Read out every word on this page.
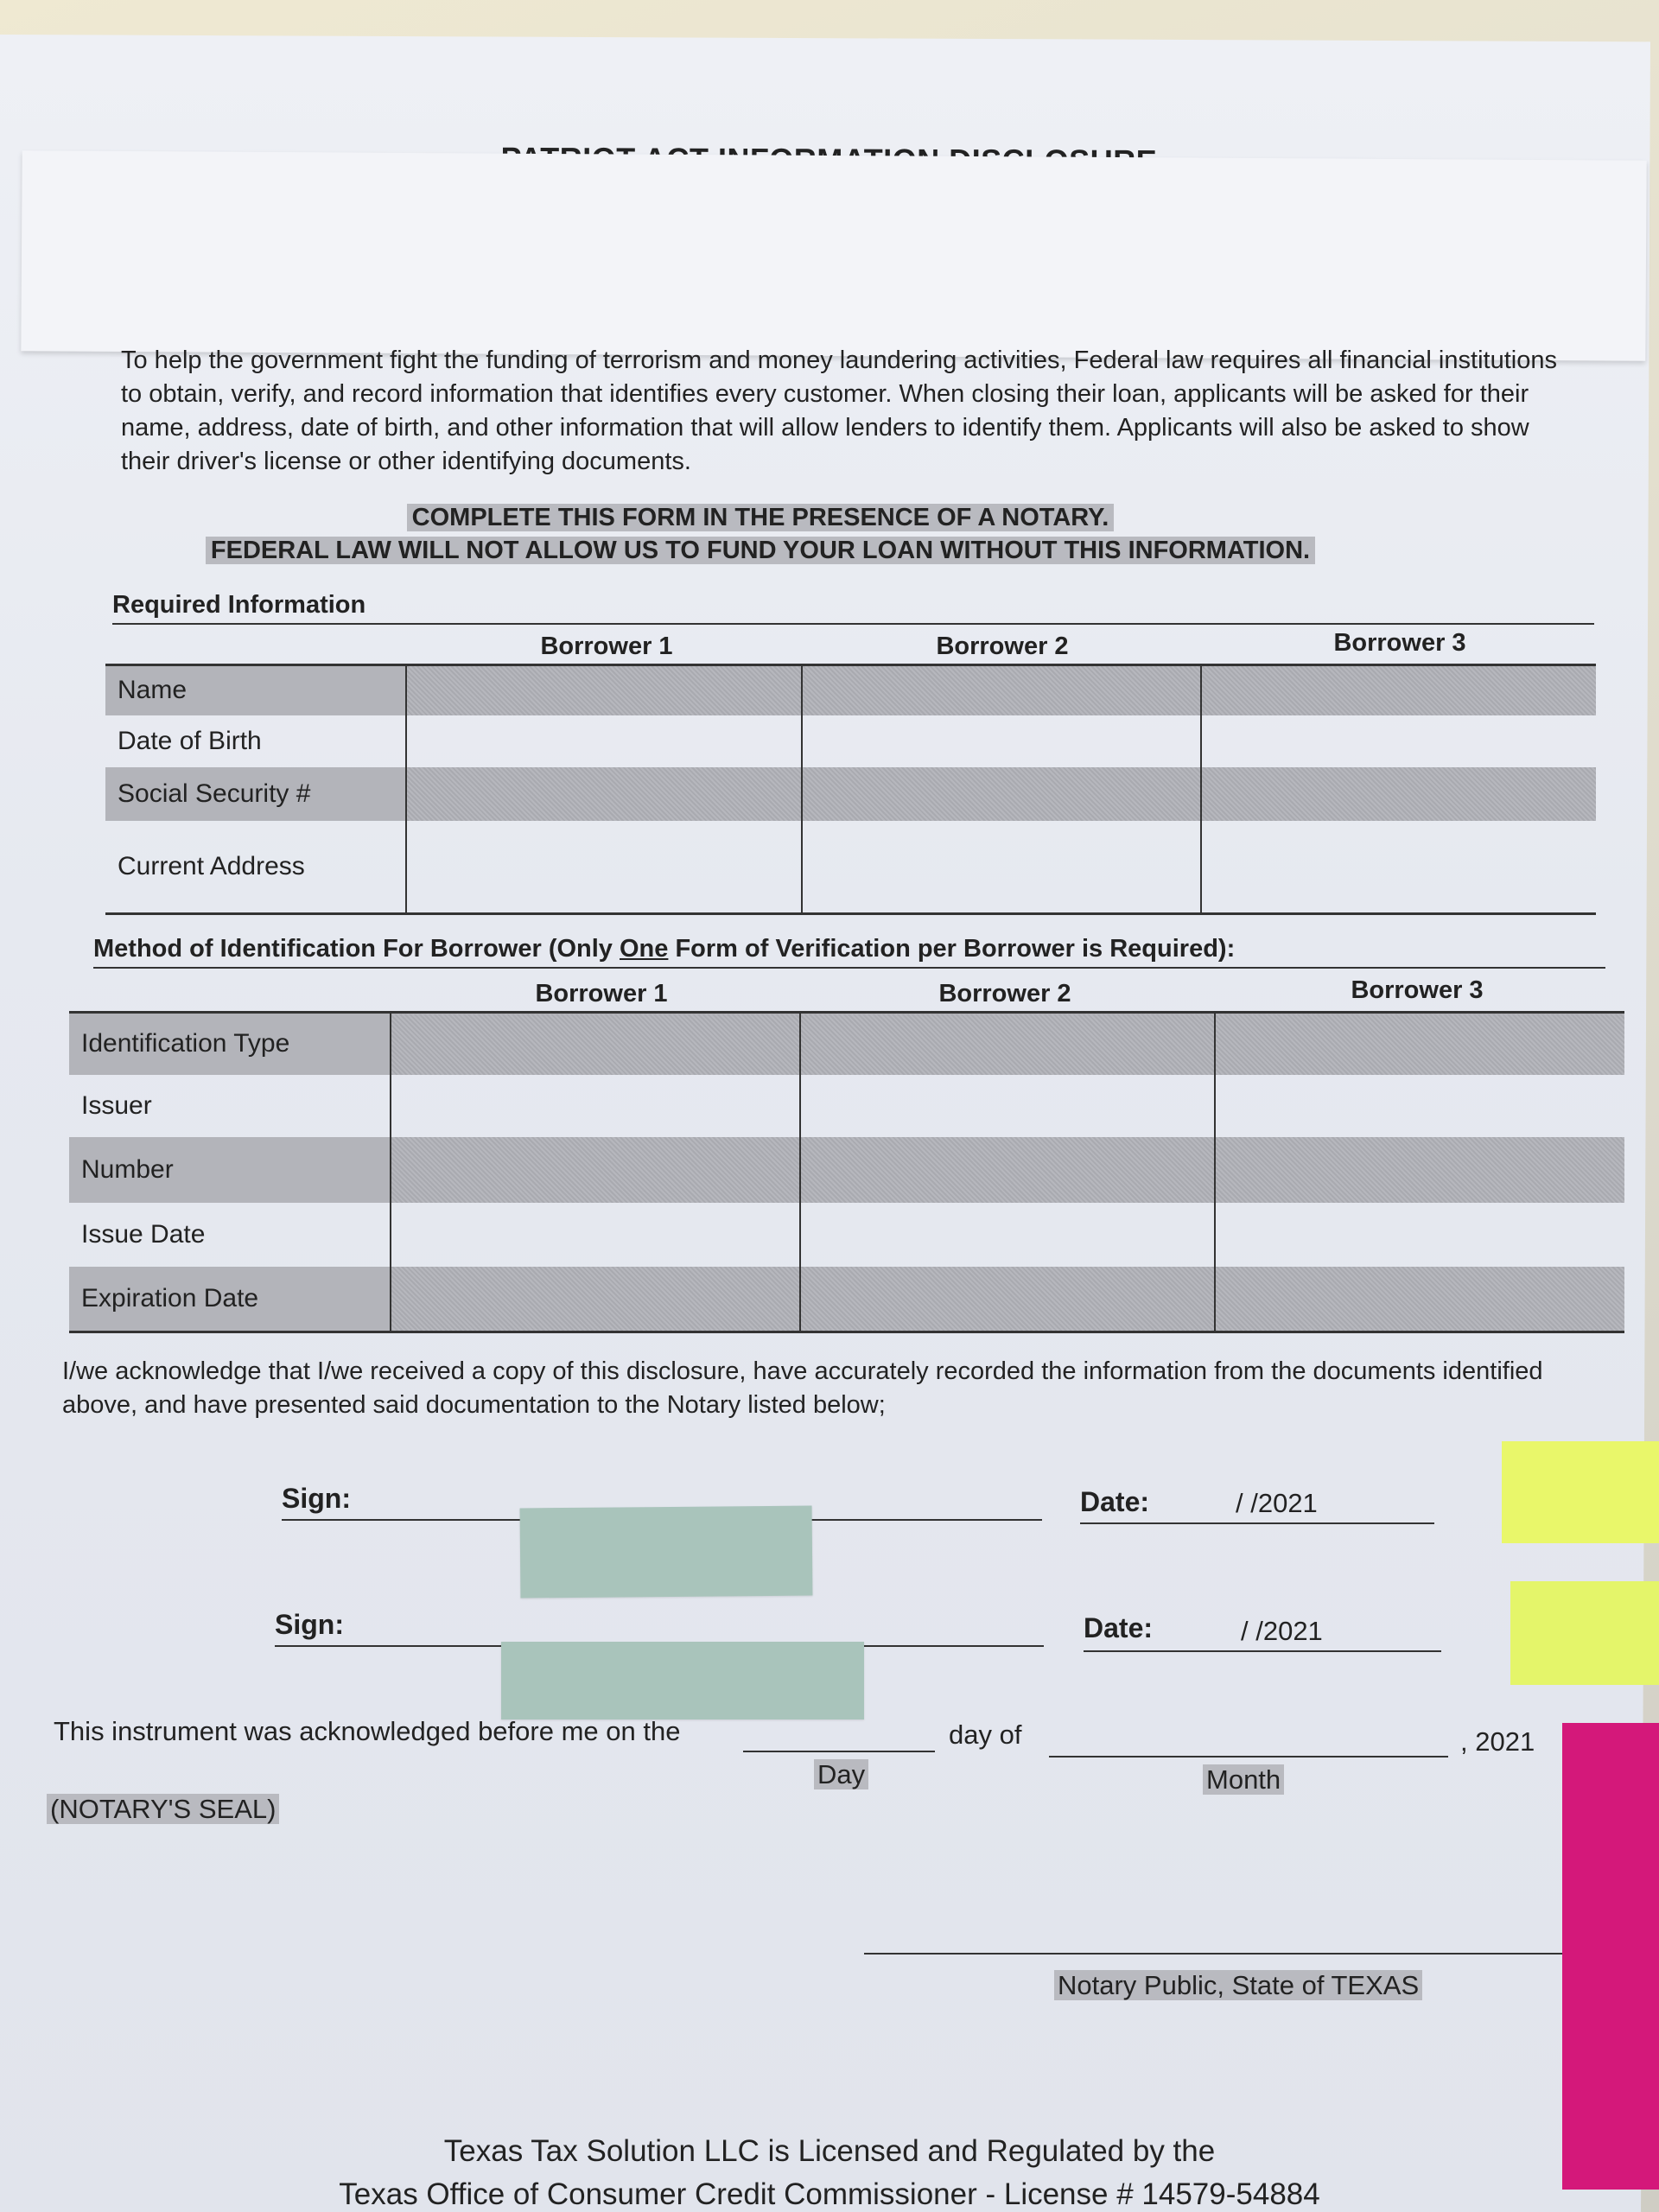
To help the government fight the funding of terrorism and money laundering activities, Federal law requires all financial institutions to obtain, verify, and record information that identifies every customer. When closing their loan, applicants will be asked for their name, address, date of birth, and other information that will allow lenders to identify them. Applicants will also be asked to show their driver's license or other identifying documents.
COMPLETE THIS FORM IN THE PRESENCE OF A NOTARY.
FEDERAL LAW WILL NOT ALLOW US TO FUND YOUR LOAN WITHOUT THIS INFORMATION.
Required Information
Borrower 1	Borrower 2	Borrower 3
Name			
Date of Birth			
Social Security #			
Current Address			
Method of Identification For Borrower (Only One Form of Verification per Borrower is Required):
Borrower 1	Borrower 2	Borrower 3
Identification Type			
Issuer			
Number			
Issue Date			
Expiration Date			
I/we acknowledge that I/we received a copy of this disclosure, have accurately recorded the information from the documents identified above, and have presented said documentation to the Notary listed below;
Sign:	Date:	/ /2021
Sign:	Date:	/ /2021
This instrument was acknowledged before me on the	day of	, 2021
Day	Month
(NOTARY'S SEAL)
Notary Public, State of TEXAS
Texas Tax Solution LLC is Licensed and Regulated by the
Texas Office of Consumer Credit Commissioner - License # 14579-54884
